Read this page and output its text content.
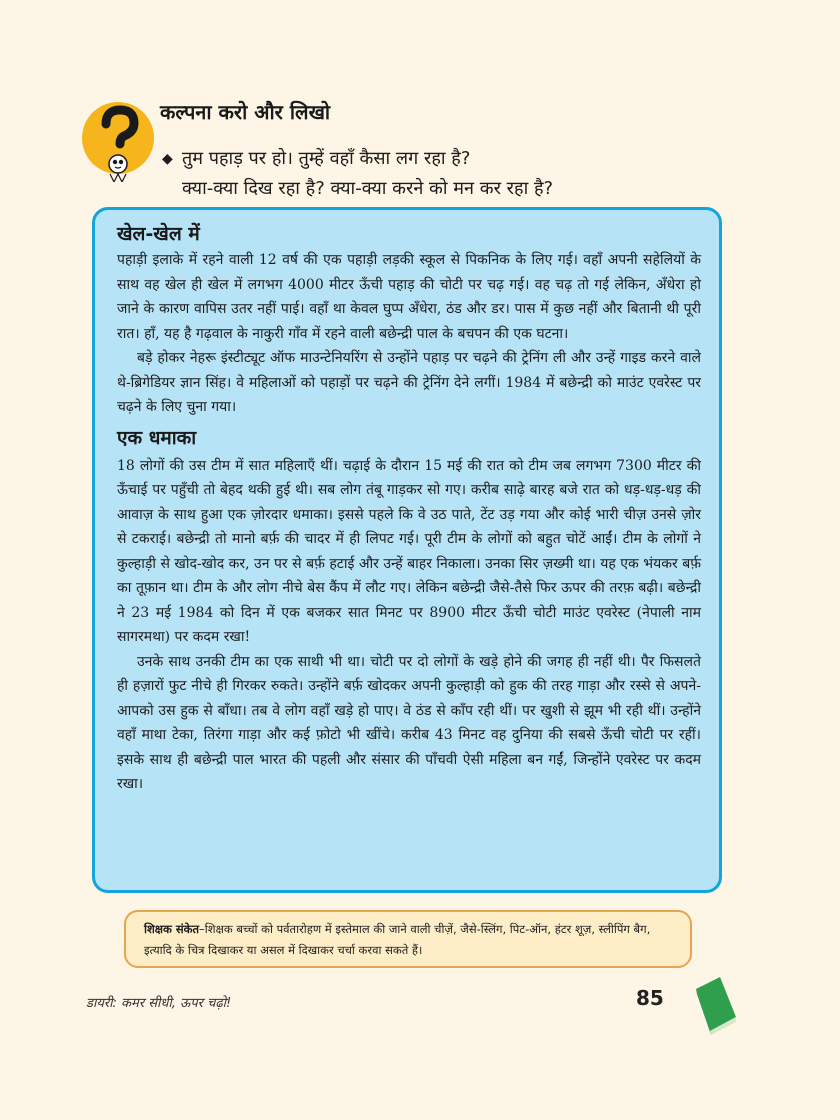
कल्पना करो और लिखो
◆ तुम पहाड़ पर हो। तुम्हें वहाँ कैसा लग रहा है?
क्या-क्या दिख रहा है? क्या-क्या करने को मन कर रहा है?
खेल-खेल में

पहाड़ी इलाके में रहने वाली 12 वर्ष की एक पहाड़ी लड़की स्कूल से पिकनिक के लिए गई। वहाँ अपनी सहेलियों के साथ वह खेल ही खेल में लगभग 4000 मीटर ऊँची पहाड़ की चोटी पर चढ़ गई। वह चढ़ तो गई लेकिन, अँधेरा हो जाने के कारण वापिस उतर नहीं पाई। वहाँ था केवल घुप्प अँधेरा, ठंड और डर। पास में कुछ नहीं और बितानी थी पूरी रात। हाँ, यह है गढ़वाल के नाकुरी गाँव में रहने वाली बछेन्द्री पाल के बचपन की एक घटना।

बड़े होकर नेहरू इंस्टीट्यूट ऑफ माउन्टेनियरिंग से उन्होंने पहाड़ पर चढ़ने की ट्रेनिंग ली और उन्हें गाइड करने वाले थे-ब्रिगेडियर ज्ञान सिंह। वे महिलाओं को पहाड़ों पर चढ़ने की ट्रेनिंग देने लगीं। 1984 में बछेन्द्री को माउंट एवरेस्ट पर चढ़ने के लिए चुना गया।

एक धमाका

18 लोगों की उस टीम में सात महिलाएँ थीं। चढ़ाई के दौरान 15 मई की रात को टीम जब लगभग 7300 मीटर की ऊँचाई पर पहुँची तो बेहद थकी हुई थी। सब लोग तंबू गाड़कर सो गए। करीब साढ़े बारह बजे रात को धड़-धड़-धड़ की आवाज़ के साथ हुआ एक ज़ोरदार धमाका। इससे पहले कि वे उठ पाते, टेंट उड़ गया और कोई भारी चीज़ उनसे ज़ोर से टकराई। बछेन्द्री तो मानो बर्फ़ की चादर में ही लिपट गई। पूरी टीम के लोगों को बहुत चोटें आईं। टीम के लोगों ने कुल्हाड़ी से खोद-खोद कर, उन पर से बर्फ़ हटाई और उन्हें बाहर निकाला। उनका सिर ज़ख्मी था। यह एक भंयकर बर्फ़ का तूफ़ान था। टीम के और लोग नीचे बेस कैंप में लौट गए। लेकिन बछेन्द्री जैसे-तैसे फिर ऊपर की तरफ़ बढ़ी। बछेन्द्री ने 23 मई 1984 को दिन में एक बजकर सात मिनट पर 8900 मीटर ऊँची चोटी माउंट एवरेस्ट (नेपाली नाम सागरमथा) पर कदम रखा!

उनके साथ उनकी टीम का एक साथी भी था। चोटी पर दो लोगों के खड़े होने की जगह ही नहीं थी। पैर फिसलते ही हज़ारों फुट नीचे ही गिरकर रुकते। उन्होंने बर्फ़ खोदकर अपनी कुल्हाड़ी को हुक की तरह गाड़ा और रस्से से अपने-आपको उस हुक से बाँधा। तब वे लोग वहाँ खड़े हो पाए। वे ठंड से काँप रही थीं। पर खुशी से झूम भी रही थीं। उन्होंने वहाँ माथा टेका, तिरंगा गाड़ा और कई फ़ोटो भी खींचे। करीब 43 मिनट वह दुनिया की सबसे ऊँची चोटी पर रहीं। इसके साथ ही बछेन्द्री पाल भारत की पहली और संसार की पाँचवी ऐसी महिला बन गईं, जिन्होंने एवरेस्ट पर कदम रखा।

शिक्षक संकेत–शिक्षक बच्चों को पर्वतारोहण में इस्तेमाल की जाने वाली चीज़ें, जैसे-स्लिंग, पिट-ऑन, हंटर शूज़, स्लीपिंग बैग, इत्यादि के चित्र दिखाकर या असल में दिखाकर चर्चा करवा सकते हैं।
डायरी: कमर सीधी, ऊपर चढ़ो!	85
